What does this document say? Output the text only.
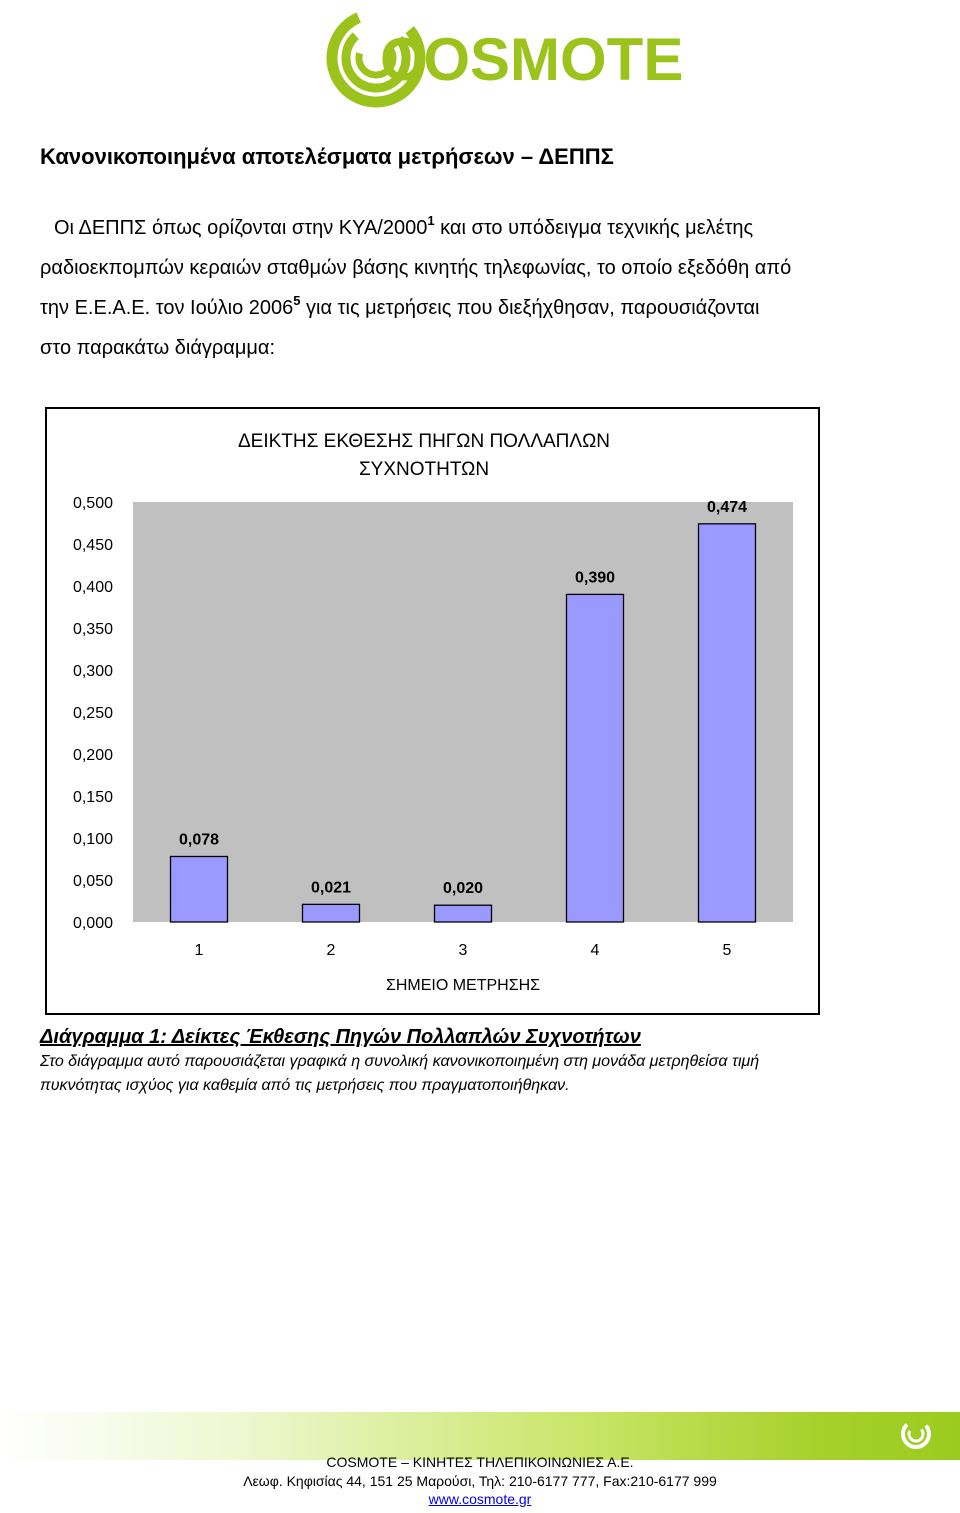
COSMOTE
Κανονικοποιημένα αποτελέσματα μετρήσεων – ΔΕΠΠΣ

Οι ΔΕΠΠΣ όπως ορίζονται στην ΚΥΑ/2000$^1$ και στο υπόδειγμα τεχνικής μελέτης

ραδιοεκπομπών κεραιών σταθμών βάσης κινητής τηλεφωνίας, το οποίο εξεδόθη από

την Ε.Ε.Α.Ε. τον Ιούλιο 2006$^5$ για τις μετρήσεις που διεξήχθησαν, παρουσιάζονται

στο παρακάτω διάγραμμα:

ΔΕΙΚΤΗΣ ΕΚΘΕΣΗΣ ΠΗΓΩΝ ΠΟΛΛΑΠΛΩΝ
ΣΥΧΝΟΤΗΤΩΝ
0,000
0,050
0,100
0,150
0,200
0,250
0,300
0,350
0,400
0,450
0,500
0,078
0,021	0,020
0,390
0,474
1	2	3	4	5
ΣΗΜΕΙΟ ΜΕΤΡΗΣΗΣ
Διάγραμμα 1: Δείκτες Έκθεσης Πηγών Πολλαπλών Συχνοτήτων
Στο διάγραμμα αυτό παρουσιάζεται γραφικά η συνολική κανονικοποιημένη στη μονάδα μετρηθείσα τιμή
πυκνότητας ισχύος για καθεμία από τις μετρήσεις που πραγματοποιήθηκαν.
COSMOTE – ΚΙΝΗΤΕΣ ΤΗΛΕΠΙΚΟΙΝΩΝΙΕΣ Α.Ε.
Λεωφ. Κηφισίας 44, 151 25 Μαρούσι, Τηλ: 210-6177 777, Fax:210-6177 999
www.cosmote.gr
